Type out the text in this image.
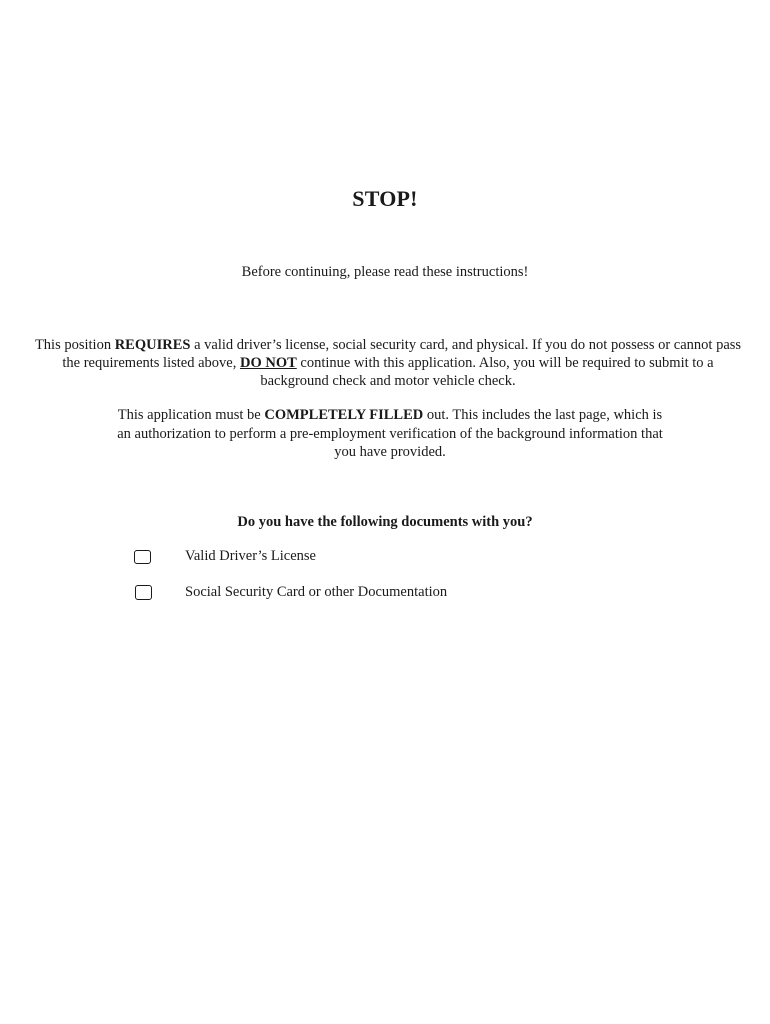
STOP!
Before continuing, please read these instructions!
This position REQUIRES a valid driver’s license, social security card, and physical. If you do not possess or cannot pass the requirements listed above, DO NOT continue with this application. Also, you will be required to submit to a background check and motor vehicle check.
This application must be COMPLETELY FILLED out. This includes the last page, which is an authorization to perform a pre-employment verification of the background information that you have provided.
Do you have the following documents with you?
Valid Driver’s License
Social Security Card or other Documentation
